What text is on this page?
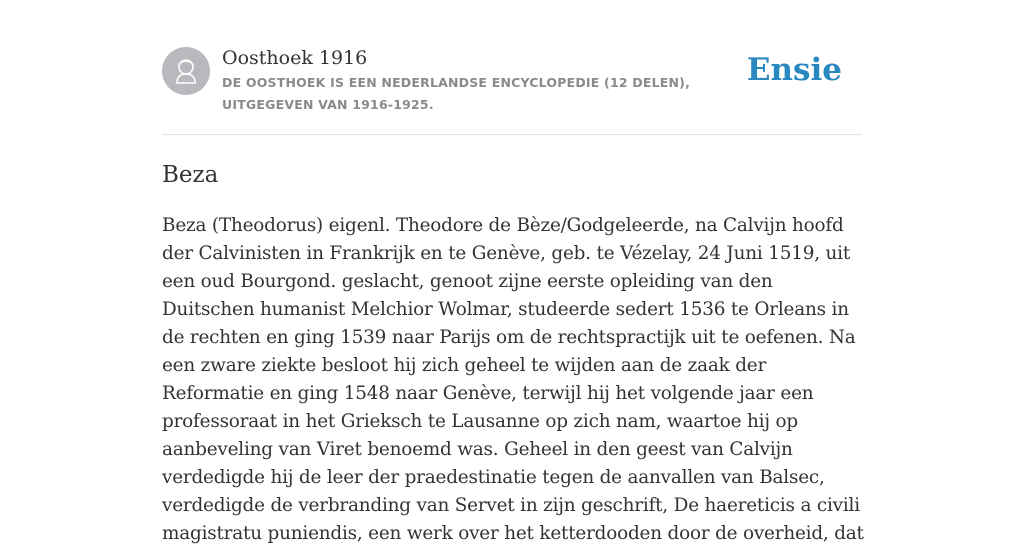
Oosthoek 1916
DE OOSTHOEK IS EEN NEDERLANDSE ENCYCLOPEDIE (12 DELEN), UITGEGEVEN VAN 1916-1925.
Ensie
Beza

Beza (Theodorus) eigenl. Theodore de Bèze/Godgeleerde, na Calvijn hoofd der Calvinisten in Frankrijk en te Genève, geb. te Vézelay, 24 Juni 1519, uit een oud Bourgond. geslacht, genoot zijne eerste opleiding van den Duitschen humanist Melchior Wolmar, studeerde sedert 1536 te Orleans in de rechten en ging 1539 naar Parijs om de rechtspractijk uit te oefenen. Na een zware ziekte besloot hij zich geheel te wijden aan de zaak der Reformatie en ging 1548 naar Genève, terwijl hij het volgende jaar een professoraat in het Grieksch te Lausanne op zich nam, waartoe hij op aanbeveling van Viret benoemd was. Geheel in den geest van Calvijn verdedigde hij de leer der praedestinatie tegen de aanvallen van Balsec, verdedigde de verbranding van Servet in zijn geschrift, De haereticis a civili magistratu puniendis, een werk over het ketterdooden door de overheid, dat
